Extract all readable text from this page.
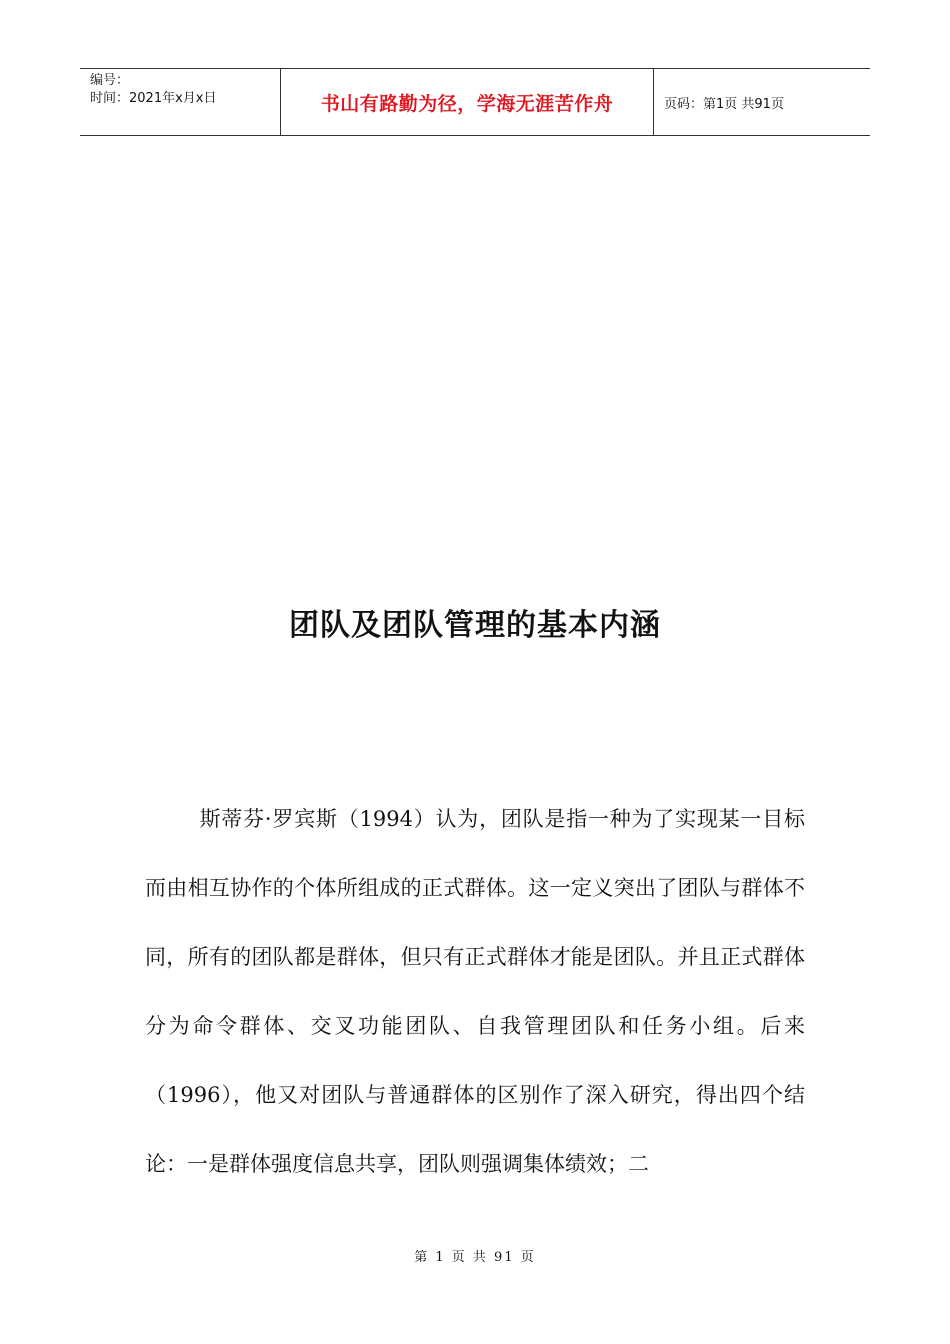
编号：
时间：2021年x月x日	书山有路勤为径，学海无涯苦作舟	页码：第1页 共91页
团队及团队管理的基本内涵
斯蒂芬·罗宾斯（1994）认为，团队是指一种为了实现某一目标而由相互协作的个体所组成的正式群体。这一定义突出了团队与群体不同，所有的团队都是群体，但只有正式群体才能是团队。并且正式群体分为命令群体、交叉功能团队、自我管理团队和任务小组。后来（1996），他又对团队与普通群体的区别作了深入研究，得出四个结论：一是群体强度信息共享，团队则强调集体绩效；二
第 1 页 共 91 页
